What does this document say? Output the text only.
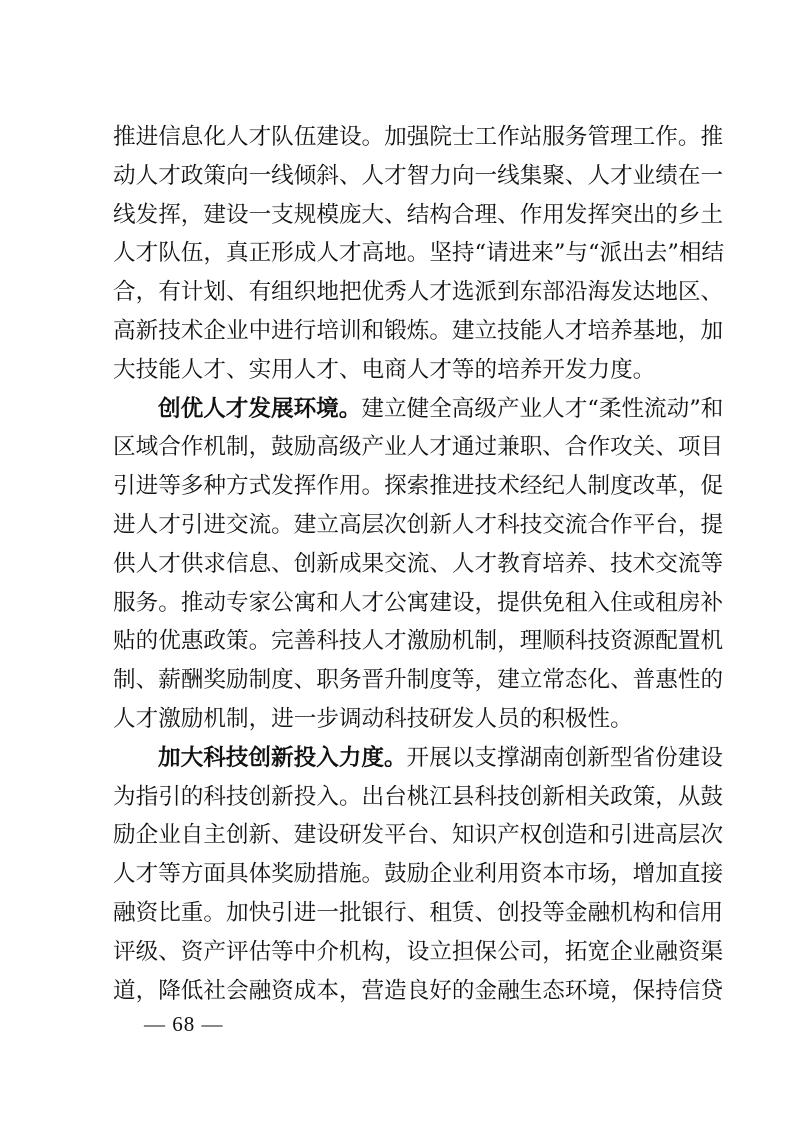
推 进 信 息 化 人 才 队 伍 建 设 。 加 强 院 士 工 作 站 服 务 管 理 工 作 。 推
动 人 才 政 策 向 一 线 倾 斜 、 人 才 智 力 向 一 线 集 聚 、 人 才 业 绩 在 一
线 发 挥 ， 建 设 一 支 规 模 庞 大 、 结 构 合 理 、 作 用 发 挥 突 出 的 乡 土
人 才 队 伍 ， 真 正 形 成 人 才 高 地 。 坚 持 “ 请 进 来 ” 与 “ 派 出 去 ” 相 结
合 ， 有 计 划 、 有 组 织 地 把 优 秀 人 才 选 派 到 东 部 沿 海 发 达 地 区 、
高 新 技 术 企 业 中 进 行 培 训 和 锻 炼 。 建 立 技 能 人 才 培 养 基 地 ， 加
大 技 能 人 才 、 实 用 人 才 、 电 商 人 才 等 的 培 养 开 发 力 度 。
创 优 人 才 发 展 环 境 。 建 立 健 全 高 级 产 业 人 才 “ 柔 性 流 动 ” 和
区 域 合 作 机 制 ， 鼓 励 高 级 产 业 人 才 通 过 兼 职 、 合 作 攻 关 、 项 目
引 进 等 多 种 方 式 发 挥 作 用 。 探 索 推 进 技 术 经 纪 人 制 度 改 革 ， 促
进 人 才 引 进 交 流 。 建 立 高 层 次 创 新 人 才 科 技 交 流 合 作 平 台 ， 提
供 人 才 供 求 信 息 、 创 新 成 果 交 流 、 人 才 教 育 培 养 、 技 术 交 流 等
服 务 。 推 动 专 家 公 寓 和 人 才 公 寓 建 设 ， 提 供 免 租 入 住 或 租 房 补
贴 的 优 惠 政 策 。 完 善 科 技 人 才 激 励 机 制 ， 理 顺 科 技 资 源 配 置 机
制 、 薪 酬 奖 励 制 度 、 职 务 晋 升 制 度 等 ， 建 立 常 态 化 、 普 惠 性 的
人 才 激 励 机 制 ， 进 一 步 调 动 科 技 研 发 人 员 的 积 极 性 。
加 大 科 技 创 新 投 入 力 度 。 开 展 以 支 撑 湖 南 创 新 型 省 份 建 设
为 指 引 的 科 技 创 新 投 入 。 出 台 桃 江 县 科 技 创 新 相 关 政 策 ， 从 鼓
励 企 业 自 主 创 新 、 建 设 研 发 平 台 、 知 识 产 权 创 造 和 引 进 高 层 次
人 才 等 方 面 具 体 奖 励 措 施 。 鼓 励 企 业 利 用 资 本 市 场 ， 增 加 直 接
融 资 比 重 。 加 快 引 进 一 批 银 行 、 租 赁 、 创 投 等 金 融 机 构 和 信 用
评 级 、 资 产 评 估 等 中 介 机 构 ， 设 立 担 保 公 司 ， 拓 宽 企 业 融 资 渠
道 ， 降 低 社 会 融 资 成 本 ， 营 造 良 好 的 金 融 生 态 环 境 ， 保 持 信 贷
— 68 —
